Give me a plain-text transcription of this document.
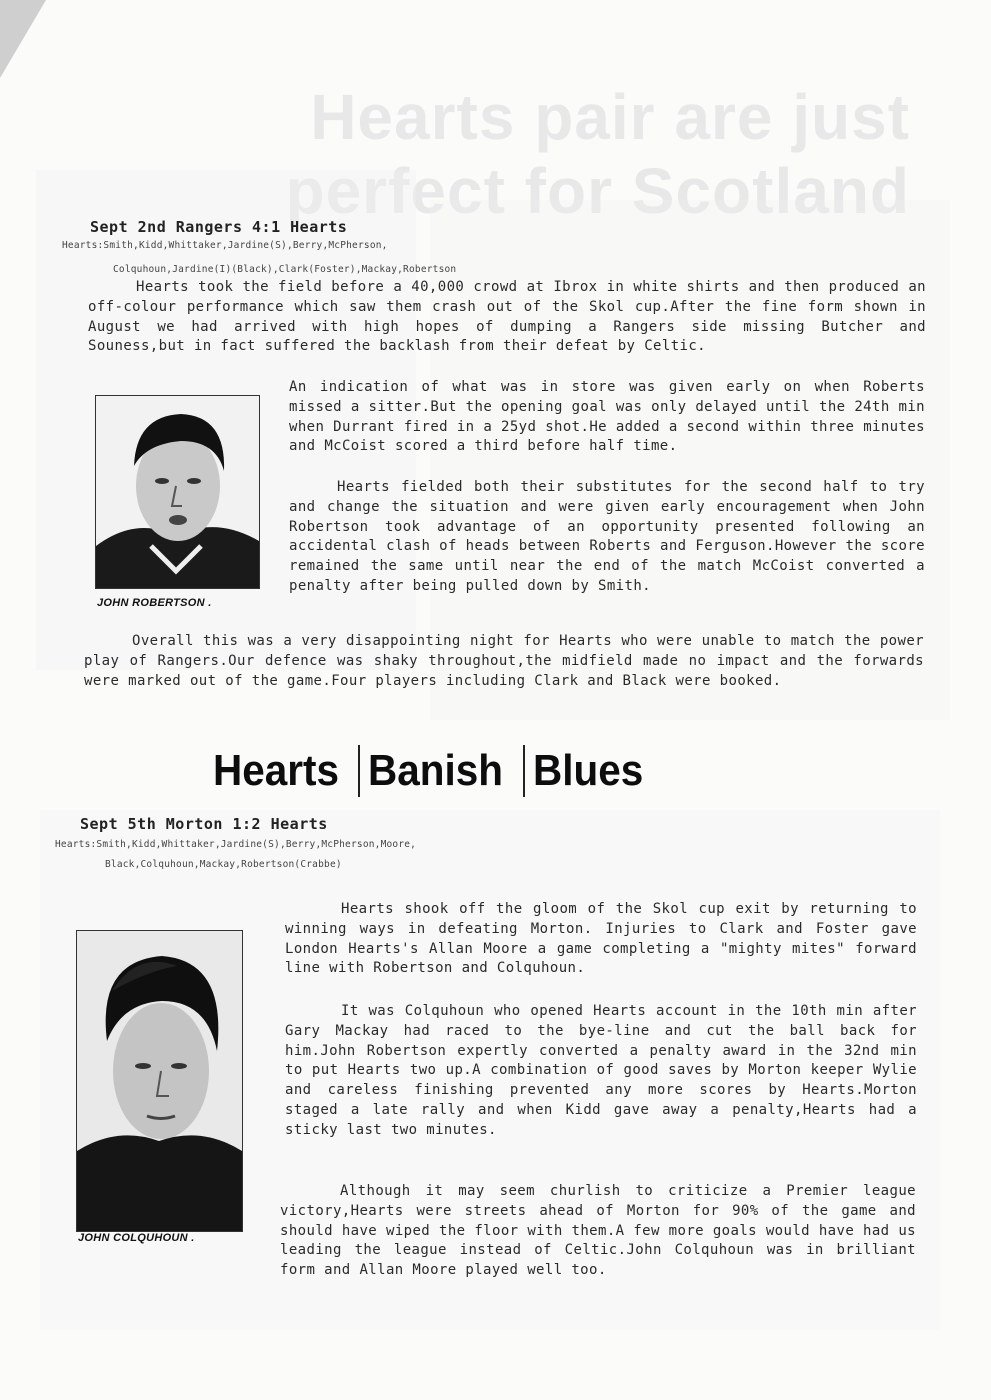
Hearts pair are just perfect for Scotland
Sept 2nd Rangers 4:1 Hearts
Hearts:Smith,Kidd,Whittaker,Jardine(S),Berry,McPherson,
Colquhoun,Jardine(I)(Black),Clark(Foster),Mackay,Robertson

Hearts took the field before a 40,000 crowd at Ibrox in white shirts and then produced an off-colour performance which saw them crash out of the Skol cup.After the fine form shown in August we had arrived with high hopes of dumping a Rangers side missing Butcher and Souness,but in fact suffered the backlash from their defeat by Celtic.

JOHN ROBERTSON .

An indication of what was in store was given early on when Roberts missed a sitter.But the opening goal was only delayed until the 24th min when Durrant fired in a 25yd shot.He added a second within three minutes and McCoist scored a third before half time.

Hearts fielded both their substitutes for the second half to try and change the situation and were given early encouragement when John Robertson took advantage of an opportunity presented following an accidental clash of heads between Roberts and Ferguson.However the score remained the same until near the end of the match McCoist converted a penalty after being pulled down by Smith.

Overall this was a very disappointing night for Hearts who were unable to match the power play of Rangers.Our defence was shaky throughout,the midfield made no impact and the forwards were marked out of the game.Four players including Clark and Black were booked.

Hearts Banish Blues
Sept 5th Morton 1:2 Hearts
Hearts:Smith,Kidd,Whittaker,Jardine(S),Berry,McPherson,Moore,
Black,Colquhoun,Mackay,Robertson(Crabbe)
JOHN COLQUHOUN .

Hearts shook off the gloom of the Skol cup exit by returning to winning ways in defeating Morton. Injuries to Clark and Foster gave London Hearts's Allan Moore a game completing a "mighty mites" forward line with Robertson and Colquhoun.

It was Colquhoun who opened Hearts account in the 10th min after Gary Mackay had raced to the bye-line and cut the ball back for him.John Robertson expertly converted a penalty award in the 32nd min to put Hearts two up.A combination of good saves by Morton keeper Wylie and careless finishing prevented any more scores by Hearts.Morton staged a late rally and when Kidd gave away a penalty,Hearts had a sticky last two minutes.

Although it may seem churlish to criticize a Premier league victory,Hearts were streets ahead of Morton for 90% of the game and should have wiped the floor with them.A few more goals would have had us leading the league instead of Celtic.John Colquhoun was in brilliant form and Allan Moore played well too.
